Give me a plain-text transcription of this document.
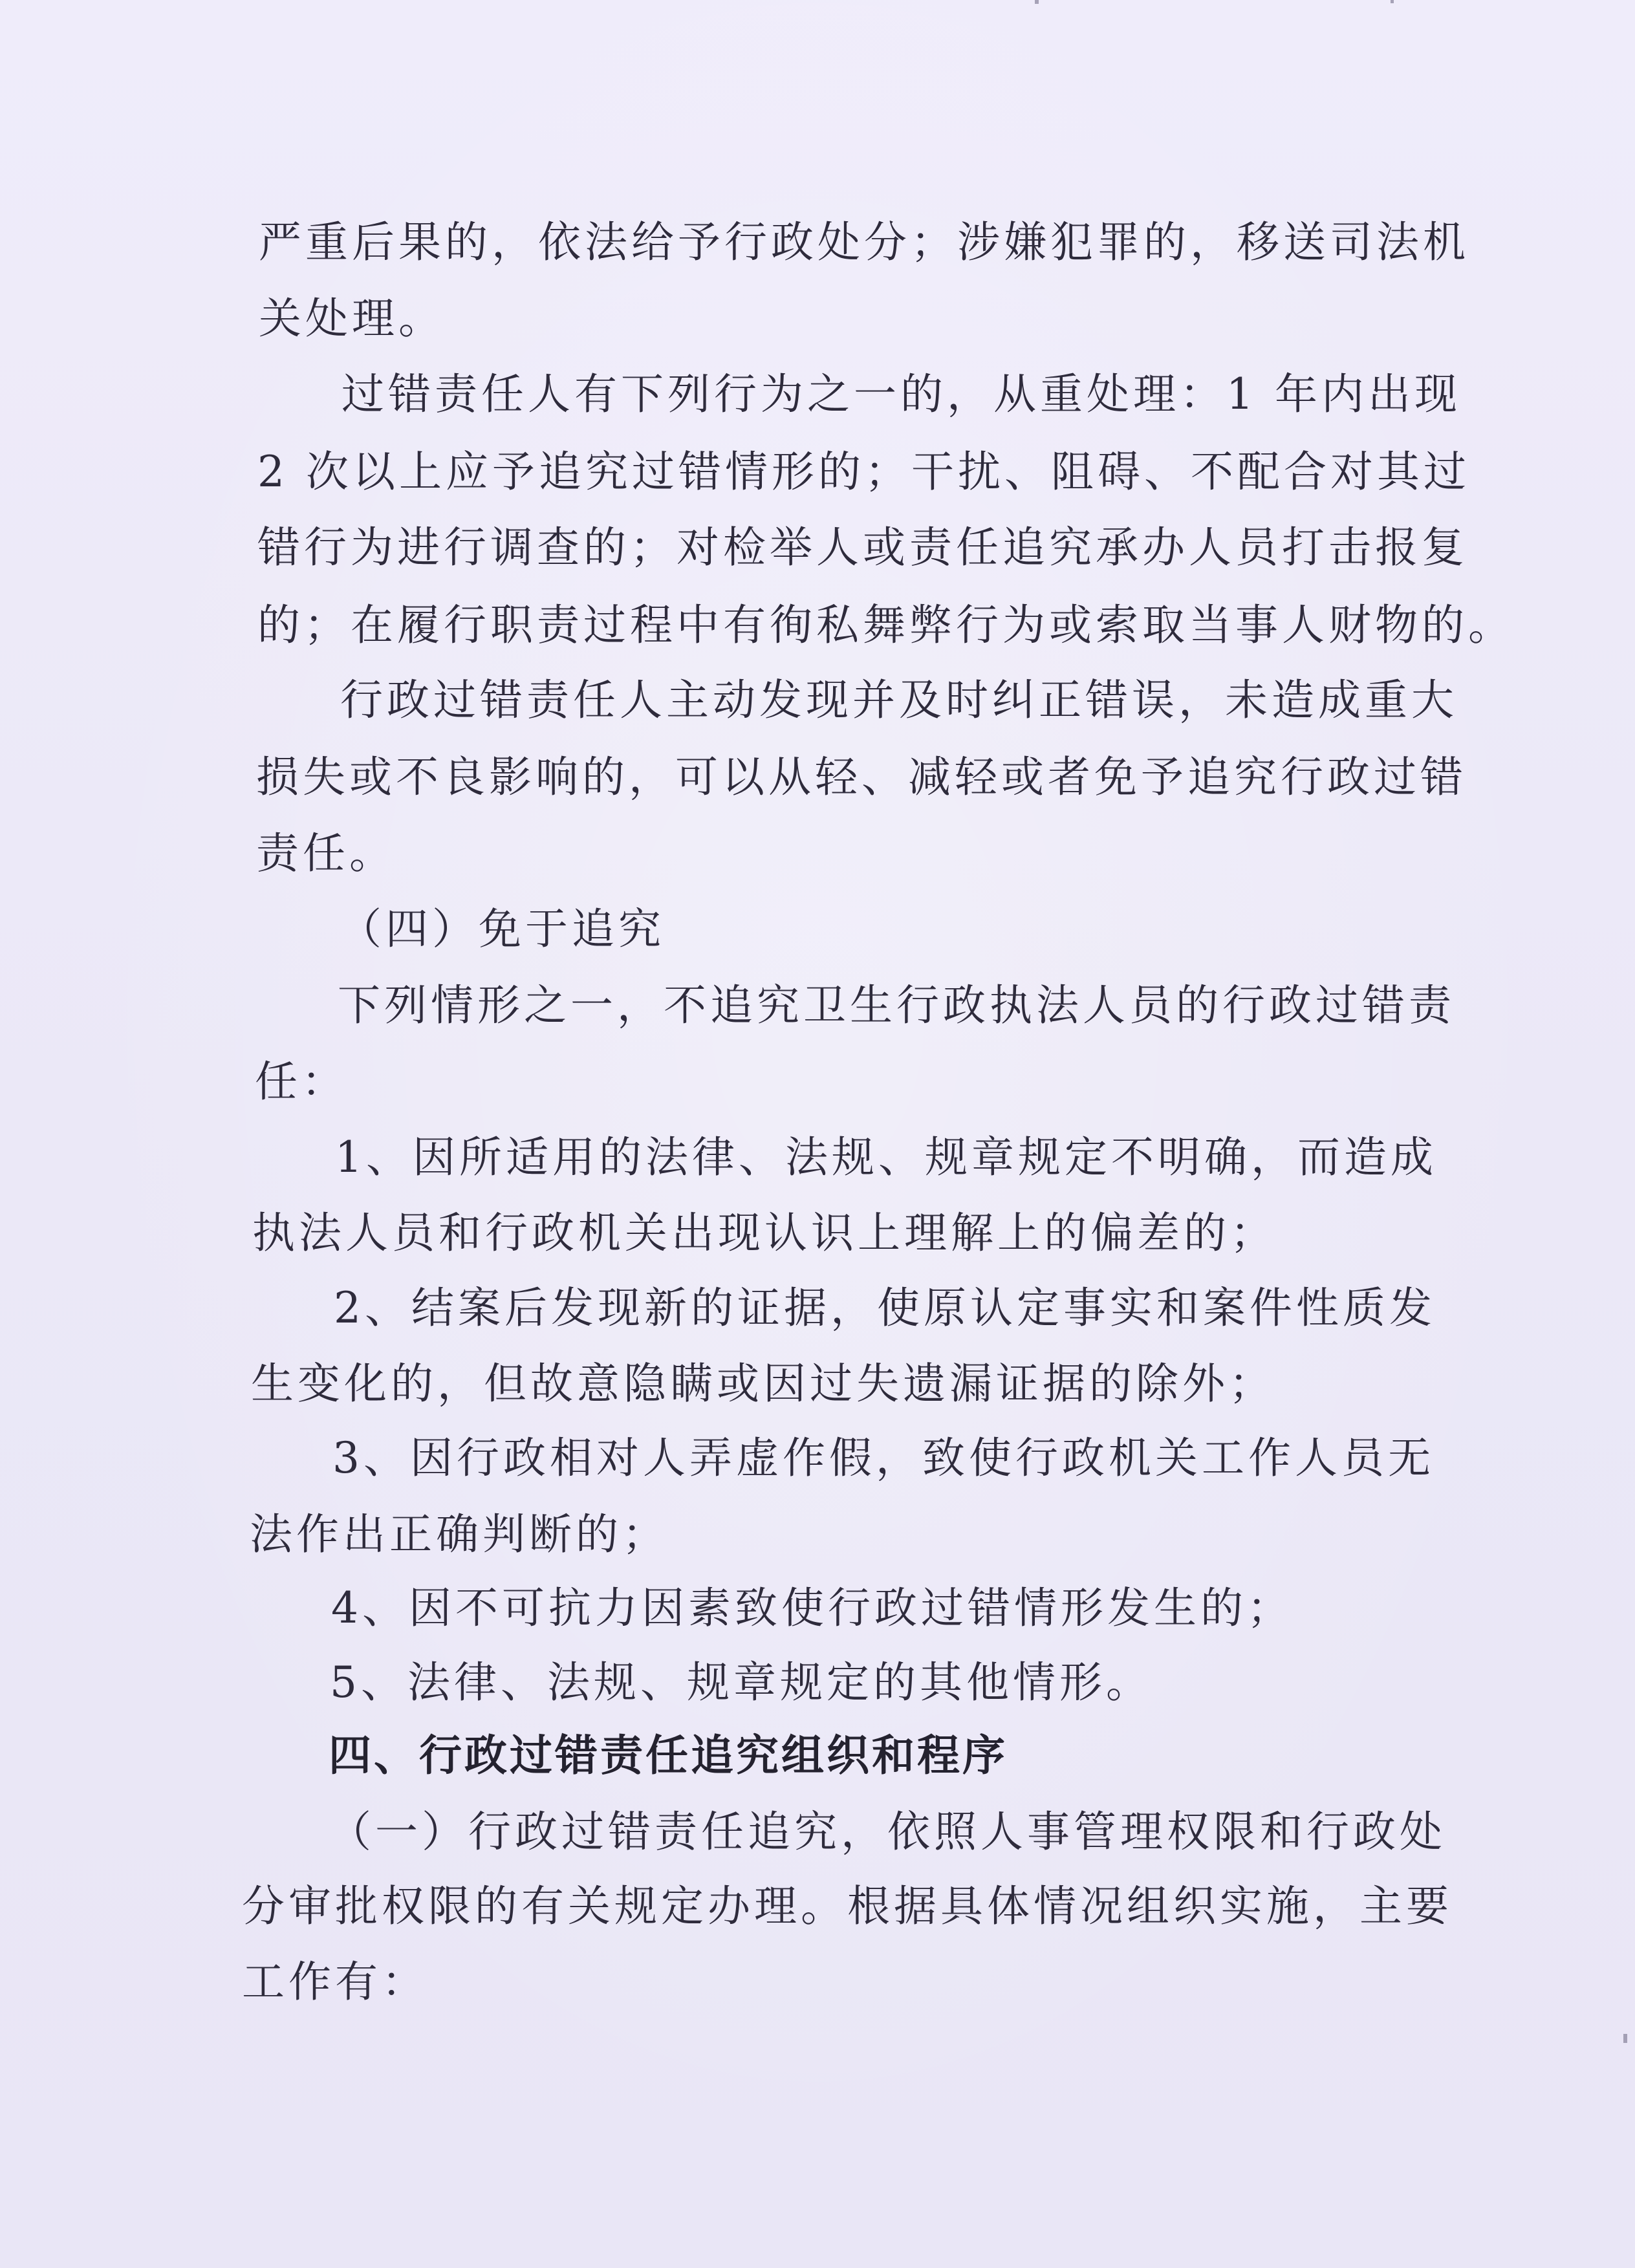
严重后果的，依法给予行政处分；涉嫌犯罪的，移送司法机

关处理。

过错责任人有下列行为之一的，从重处理：1 年内出现

2 次以上应予追究过错情形的；干扰、阻碍、不配合对其过

错行为进行调查的；对检举人或责任追究承办人员打击报复

的；在履行职责过程中有徇私舞弊行为或索取当事人财物的。

行政过错责任人主动发现并及时纠正错误，未造成重大

损失或不良影响的，可以从轻、减轻或者免予追究行政过错

责任。

（四）免于追究

下列情形之一，不追究卫生行政执法人员的行政过错责

任：

1、因所适用的法律、法规、规章规定不明确，而造成

执法人员和行政机关出现认识上理解上的偏差的；

2、结案后发现新的证据，使原认定事实和案件性质发

生变化的，但故意隐瞒或因过失遗漏证据的除外；

3、因行政相对人弄虚作假，致使行政机关工作人员无

法作出正确判断的；

4、因不可抗力因素致使行政过错情形发生的；

5、法律、法规、规章规定的其他情形。

四、行政过错责任追究组织和程序

（一）行政过错责任追究，依照人事管理权限和行政处

分审批权限的有关规定办理。根据具体情况组织实施，主要

工作有：
